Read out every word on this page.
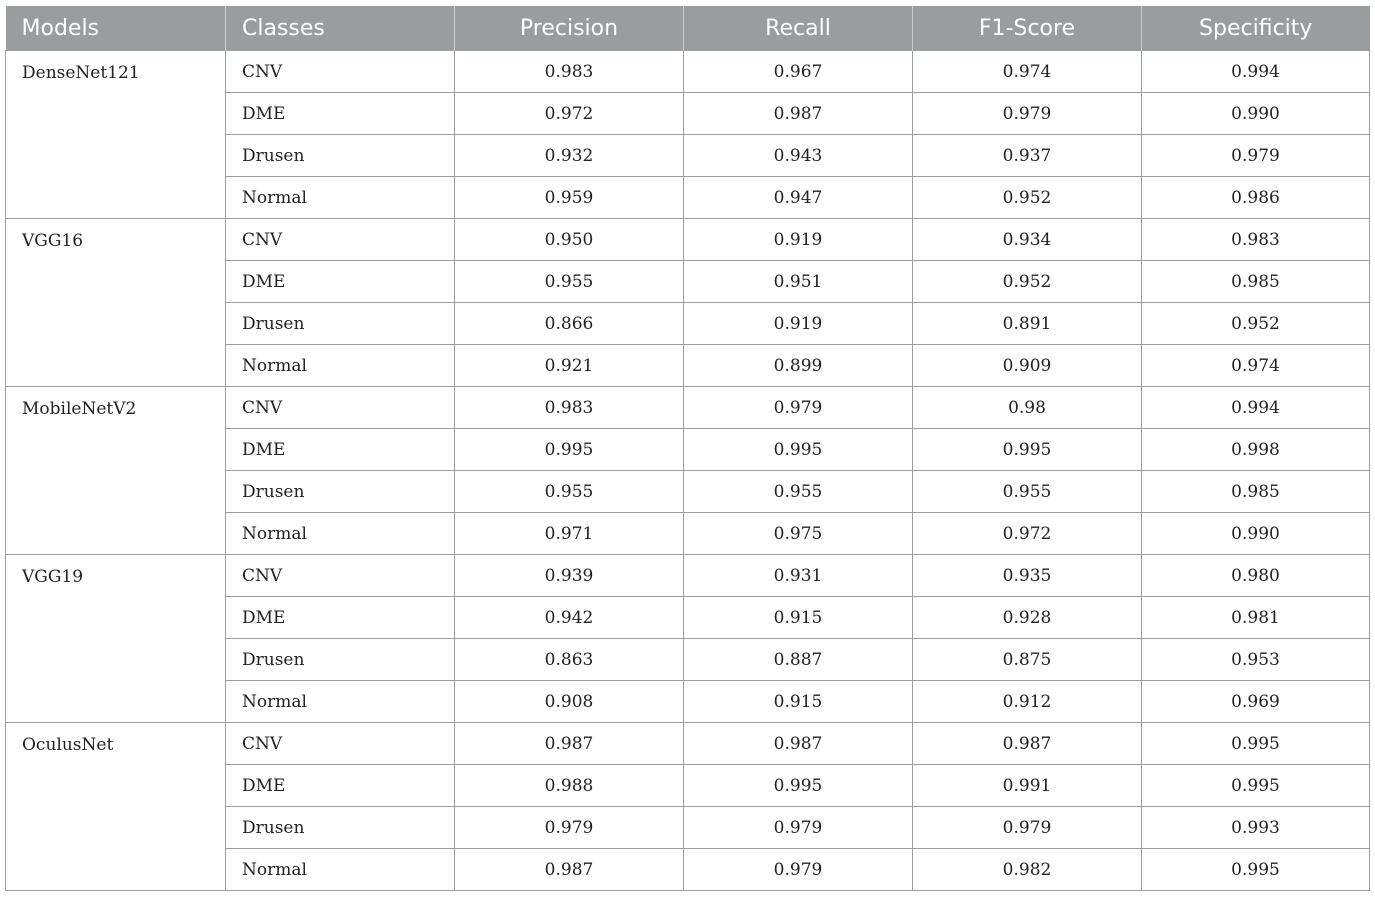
Models	Classes	Precision	Recall	F1-Score	Specificity
DenseNet121	CNV	0.983	0.967	0.974	0.994
	DME	0.972	0.987	0.979	0.990
	Drusen	0.932	0.943	0.937	0.979
	Normal	0.959	0.947	0.952	0.986
VGG16	CNV	0.950	0.919	0.934	0.983
	DME	0.955	0.951	0.952	0.985
	Drusen	0.866	0.919	0.891	0.952
	Normal	0.921	0.899	0.909	0.974
MobileNetV2	CNV	0.983	0.979	0.98	0.994
	DME	0.995	0.995	0.995	0.998
	Drusen	0.955	0.955	0.955	0.985
	Normal	0.971	0.975	0.972	0.990
VGG19	CNV	0.939	0.931	0.935	0.980
	DME	0.942	0.915	0.928	0.981
	Drusen	0.863	0.887	0.875	0.953
	Normal	0.908	0.915	0.912	0.969
OculusNet	CNV	0.987	0.987	0.987	0.995
	DME	0.988	0.995	0.991	0.995
	Drusen	0.979	0.979	0.979	0.993
	Normal	0.987	0.979	0.982	0.995
